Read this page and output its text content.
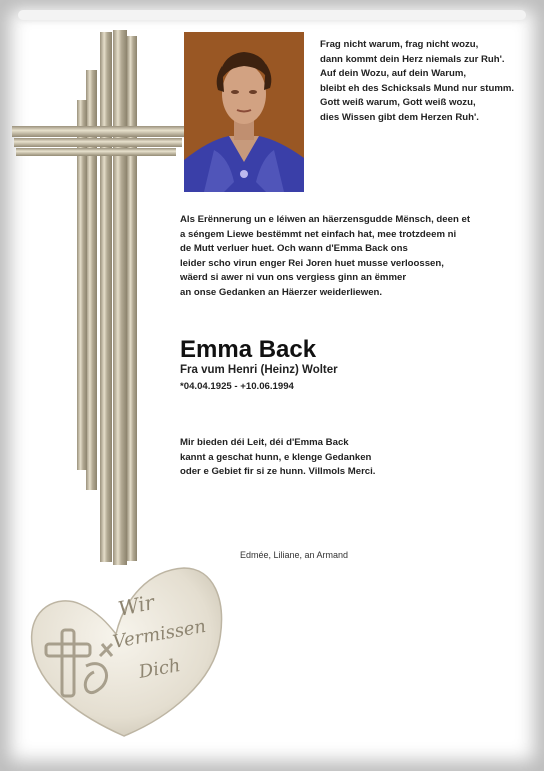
Frag nicht warum, frag nicht wozu,
dann kommt dein Herz niemals zur Ruh'.
Auf dein Wozu, auf dein Warum,
bleibt eh des Schicksals Mund nur stumm.
Gott weiß warum, Gott weiß wozu,
dies Wissen gibt dem Herzen Ruh'.
Als Erënnerung un e léiwen an häerzensgudde Mënsch, deen et
a séngem Liewe bestëmmt net einfach hat, mee trotzdeem ni
de Mutt verluer huet. Och wann d'Emma Back ons
leider scho virun enger Rei Joren huet musse verloossen,
wäerd si awer ni vun ons vergiess ginn an ëmmer
an onse Gedanken an Häerzer weiderliewen.
Emma Back
Fra vum Henri (Heinz) Wolter
*04.04.1925 - +10.06.1994
Mir bieden déi Leit, déi d'Emma Back
kannt a geschat hunn, e klenge Gedanken
oder e Gebiet fir si ze hunn. Villmols Merci.
Edmée, Liliane, an Armand
Wir
Vermissen
Dich
